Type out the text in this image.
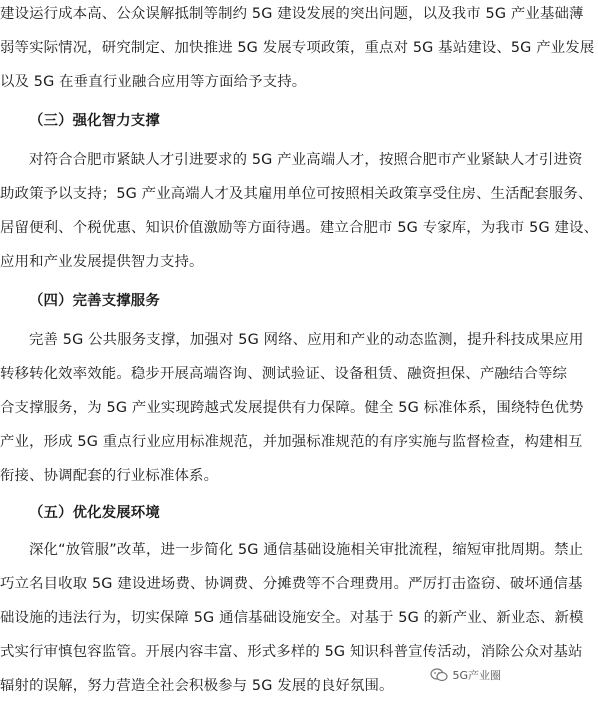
建设运行成本高、公众误解抵制等制约 5G 建设发展的突出问题，以及我市 5G 产业基础薄
弱等实际情况，研究制定、加快推进 5G 发展专项政策，重点对 5G 基站建设、5G 产业发展
以及 5G 在垂直行业融合应用等方面给予支持。
（三）强化智力支撑
对符合合肥市紧缺人才引进要求的 5G 产业高端人才，按照合肥市产业紧缺人才引进资
助政策予以支持；5G 产业高端人才及其雇用单位可按照相关政策享受住房、生活配套服务、
居留便利、个税优惠、知识价值激励等方面待遇。建立合肥市 5G 专家库，为我市 5G 建设、
应用和产业发展提供智力支持。
（四）完善支撑服务
完善 5G 公共服务支撑，加强对 5G 网络、应用和产业的动态监测，提升科技成果应用
转移转化效率效能。稳步开展高端咨询、测试验证、设备租赁、融资担保、产融结合等综
合支撑服务，为 5G 产业实现跨越式发展提供有力保障。健全 5G 标准体系，围绕特色优势
产业，形成 5G 重点行业应用标准规范，并加强标准规范的有序实施与监督检查，构建相互
衔接、协调配套的行业标准体系。
（五）优化发展环境
深化“放管服”改革，进一步简化 5G 通信基础设施相关审批流程，缩短审批周期。禁止
巧立名目收取 5G 建设进场费、协调费、分摊费等不合理费用。严厉打击盗窃、破坏通信基
础设施的违法行为，切实保障 5G 通信基础设施安全。对基于 5G 的新产业、新业态、新模
式实行审慎包容监管。开展内容丰富、形式多样的 5G 知识科普宣传活动，消除公众对基站
辐射的误解，努力营造全社会积极参与 5G 发展的良好氛围。
5G产业圈
